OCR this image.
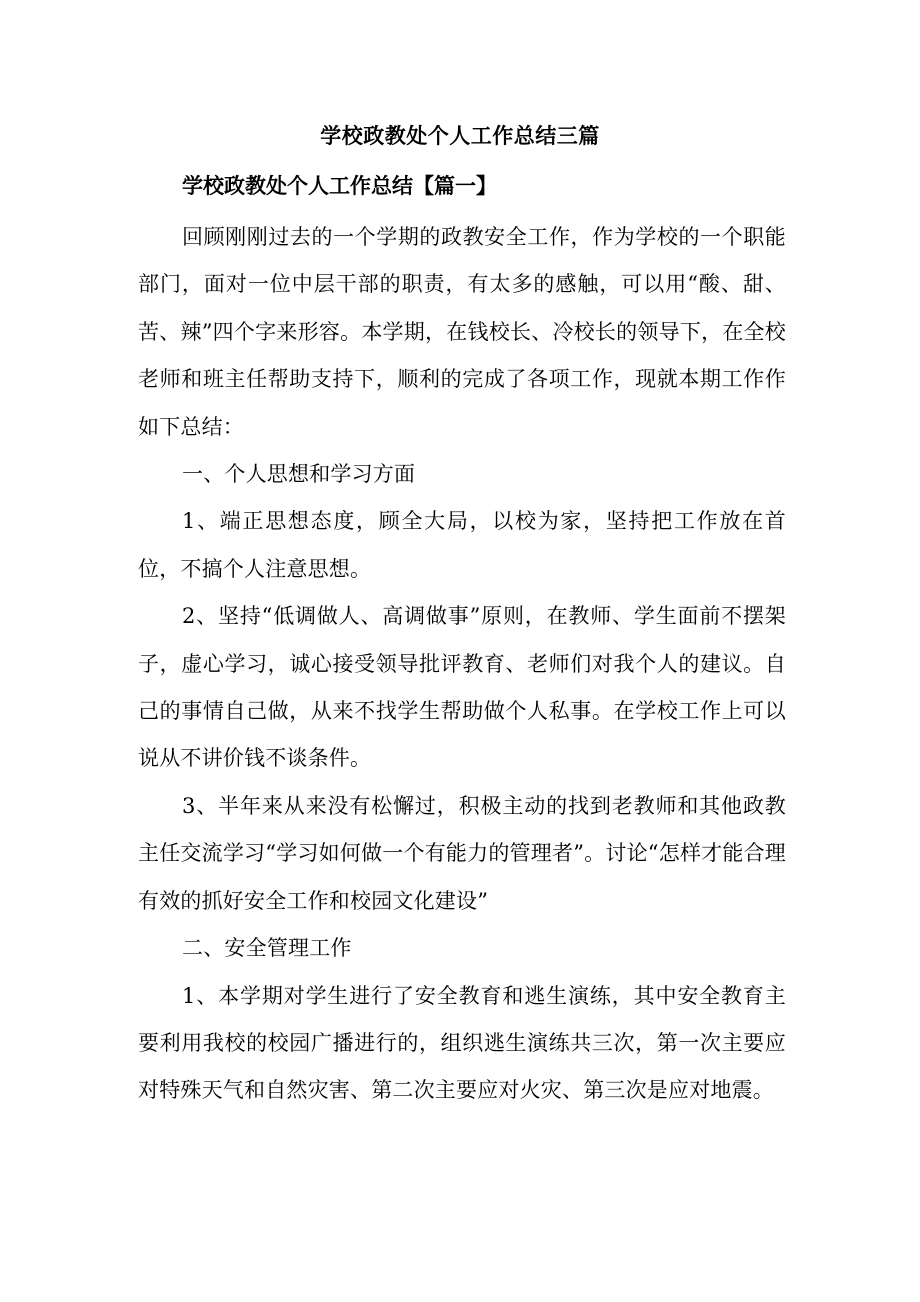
学校政教处个人工作总结三篇
学校政教处个人工作总结【篇一】

回顾刚刚过去的一个学期的政教安全工作，作为学校的一个职能部门，面对一位中层干部的职责，有太多的感触，可以用“酸、甜、苦、辣”四个字来形容。本学期，在钱校长、冷校长的领导下，在全校老师和班主任帮助支持下，顺利的完成了各项工作，现就本期工作作如下总结：

一、个人思想和学习方面

1、端正思想态度，顾全大局，以校为家，坚持把工作放在首位，不搞个人注意思想。

2、坚持“低调做人、高调做事”原则，在教师、学生面前不摆架子，虚心学习，诚心接受领导批评教育、老师们对我个人的建议。自己的事情自己做，从来不找学生帮助做个人私事。在学校工作上可以说从不讲价钱不谈条件。

3、半年来从来没有松懈过，积极主动的找到老教师和其他政教主任交流学习“学习如何做一个有能力的管理者”。讨论“怎样才能合理有效的抓好安全工作和校园文化建设”

二、安全管理工作

1、本学期对学生进行了安全教育和逃生演练，其中安全教育主要利用我校的校园广播进行的，组织逃生演练共三次，第一次主要应对特殊天气和自然灾害、第二次主要应对火灾、第三次是应对地震。
